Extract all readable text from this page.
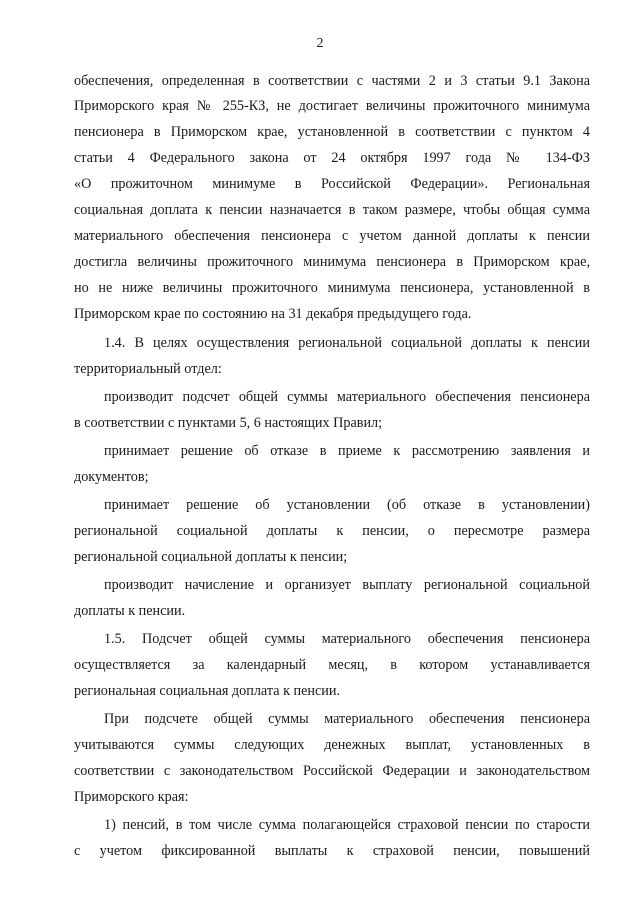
2
обеспечения, определенная в соответствии с частями 2 и 3 статьи 9.1 Закона
Приморского края № 255-КЗ, не достигает величины прожиточного минимума
пенсионера в Приморском крае, установленной в соответствии с пунктом 4
статьи 4 Федерального закона от 24 октября 1997 года № 134-ФЗ
«О прожиточном минимуме в Российской Федерации». Региональная
социальная доплата к пенсии назначается в таком размере, чтобы общая сумма
материального обеспечения пенсионера с учетом данной доплаты к пенсии
достигла величины прожиточного минимума пенсионера в Приморском крае,
но не ниже величины прожиточного минимума пенсионера, установленной в
Приморском крае по состоянию на 31 декабря предыдущего года.
1.4. В целях осуществления региональной социальной доплаты к пенсии
территориальный отдел:
производит подсчет общей суммы материального обеспечения пенсионера
в соответствии с пунктами 5, 6 настоящих Правил;
принимает решение об отказе в приеме к рассмотрению заявления и
документов;
принимает решение об установлении (об отказе в установлении)
региональной социальной доплаты к пенсии, о пересмотре размера
региональной социальной доплаты к пенсии;
производит начисление и организует выплату региональной социальной
доплаты к пенсии.
1.5. Подсчет общей суммы материального обеспечения пенсионера
осуществляется за календарный месяц, в котором устанавливается
региональная социальная доплата к пенсии.
При подсчете общей суммы материального обеспечения пенсионера
учитываются суммы следующих денежных выплат, установленных в
соответствии с законодательством Российской Федерации и законодательством
Приморского края:
1) пенсий, в том числе сумма полагающейся страховой пенсии по старости
с учетом фиксированной выплаты к страховой пенсии, повышений
